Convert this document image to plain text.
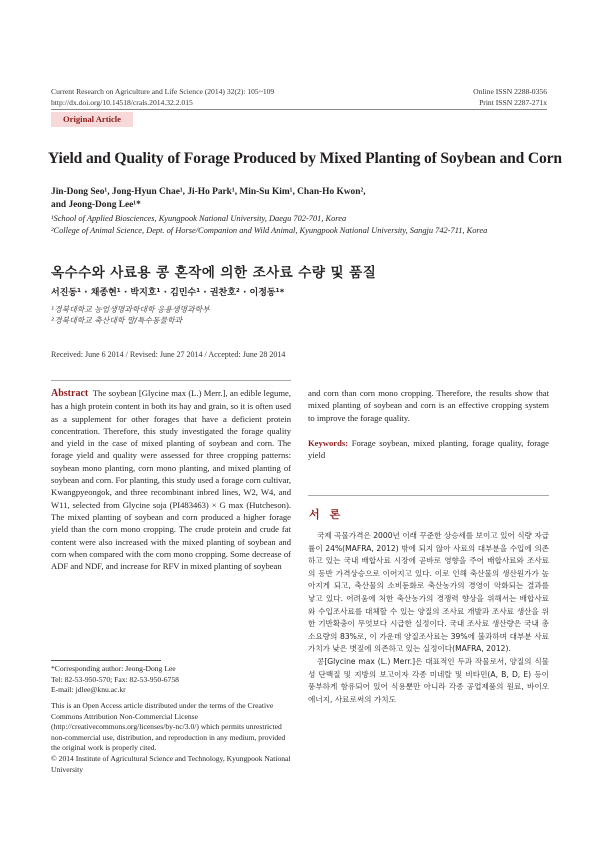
Current Research on Agriculture and Life Science (2014) 32(2): 105~109
http://dx.doi.org/10.14518/crals.2014.32.2.015
Online ISSN 2288-0356
Print ISSN 2287-271x
Original Article
Yield and Quality of Forage Produced by Mixed Planting of Soybean and Corn
Jin-Dong Seo¹, Jong-Hyun Chae¹, Ji-Ho Park¹, Min-Su Kim¹, Chan-Ho Kwon²,
and Jeong-Dong Lee¹*
¹School of Applied Biosciences, Kyungpook National University, Daegu 702-701, Korea
²College of Animal Science, Dept. of Horse/Companion and Wild Animal, Kyungpook National University, Sangju 742-711, Korea
옥수수와 사료용 콩 혼작에 의한 조사료 수량 및 품질
서진동¹ · 채종현¹ · 박지호¹ · 김민수¹ · 권찬호² · 이정동¹*
¹경북대학교 농업생명과학대학 응용생명과학부
²경북대학교 축산대학 말/특수동물학과
Received: June 6 2014 / Revised: June 27 2014 / Accepted: June 28 2014

Abstract The soybean [Glycine max (L.) Merr.], an edible legume, has a high protein content in both its hay and grain, so it is often used as a supplement for other forages that have a deficient protein concentration. Therefore, this study investigated the forage quality and yield in the case of mixed planting of soybean and corn. The forage yield and quality were assessed for three cropping patterns: soybean mono planting, corn mono planting, and mixed planting of soybean and corn. For planting, this study used a forage corn cultivar, Kwangpyeongok, and three recombinant inbred lines, W2, W4, and W11, selected from Glycine soja (PI483463) × G max (Hutcheson). The mixed planting of soybean and corn produced a higher forage yield than the corn mono cropping. The crude protein and crude fat content were also increased with the mixed planting of soybean and corn when compared with the corn mono cropping. Some decrease of ADF and NDF, and increase for RFV in mixed planting of soybean

and corn than corn mono cropping. Therefore, the results show that mixed planting of soybean and corn is an effective cropping system to improve the forage quality.

Keywords: Forage soybean, mixed planting, forage quality, forage yield

서론

국제 곡물가격은 2000년 이래 꾸준한 상승세를 보이고 있어 식량 자급률이 24%(MAFRA, 2012) 밖에 되지 않아 사료의 대부분을 수입에 의존하고 있는 국내 배합사료 시장에 곧바로 영향을 주어 배합사료와 조사료의 동반 가격상승으로 이어지고 있다. 이로 인해 축산물의 생산원가가 높아지게 되고, 축산물의 소비둔화로 축산농가의 경영이 악화되는 결과를 낳고 있다. 어려움에 처한 축산농가의 경쟁력 향상을 위해서는 배합사료와 수입조사료를 대체할 수 있는 양질의 조사료 개발과 조사료 생산을 위한 기반확충이 무엇보다 시급한 실정이다. 국내 조사료 생산량은 국내 총 소요량의 83%로, 이 가운데 양질조사료는 39%에 불과하며 대부분 사료가치가 낮은 볏짚에 의존하고 있는 실정이다(MAFRA, 2012).

콩[Glycine max (L.) Merr.]은 대표적인 두과 작물로서, 양질의 식물성 단백질 및 지방의 보고이자 각종 미네랄 및 비타민(A, B, D, E) 등이 풍부하게 함유되어 있어 식용뿐만 아니라 각종 공업제품의 원료, 바이오 에너지, 사료로써의 가치도

*Corresponding author: Jeong-Dong Lee
Tel: 82-53-950-570; Fax: 82-53-950-6758
E-mail: jdlee@knu.ac.kr

This is an Open Access article distributed under the terms of the Creative Commons Attribution Non-Commercial License (http://creativecommons.org/licenses/by-nc/3.0/) which permits unrestricted non-commercial use, distribution, and reproduction in any medium, provided the original work is properly cited.

© 2014 Institute of Agricultural Science and Technology, Kyungpook National University
